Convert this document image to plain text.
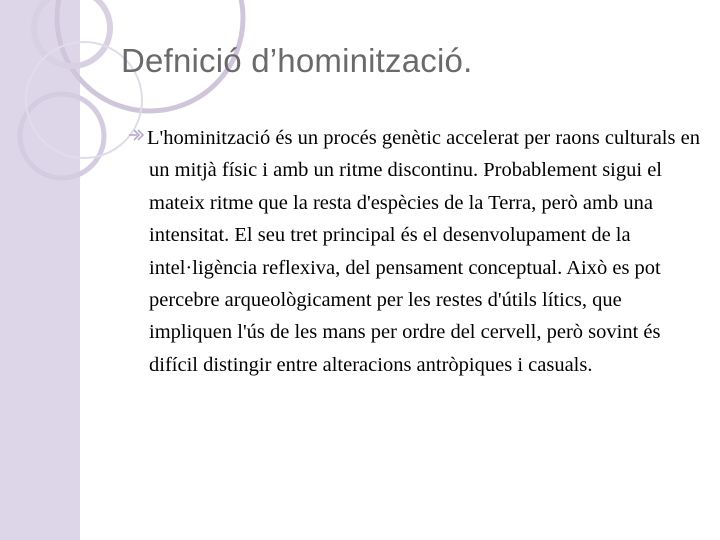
Defnició d’hominització.

L'hominització és un procés genètic accelerat per raons culturals en un mitjà físic i amb un ritme discontinu. Probablement sigui el mateix ritme que la resta d'espècies de la Terra, però amb una intensitat. El seu tret principal és el desenvolupament de la intel·ligència reflexiva, del pensament conceptual. Això es pot percebre arqueològicament per les restes d'útils lítics, que impliquen l'ús de les mans per ordre del cervell, però sovint és difícil distingir entre alteracions antròpiques i casuals.
